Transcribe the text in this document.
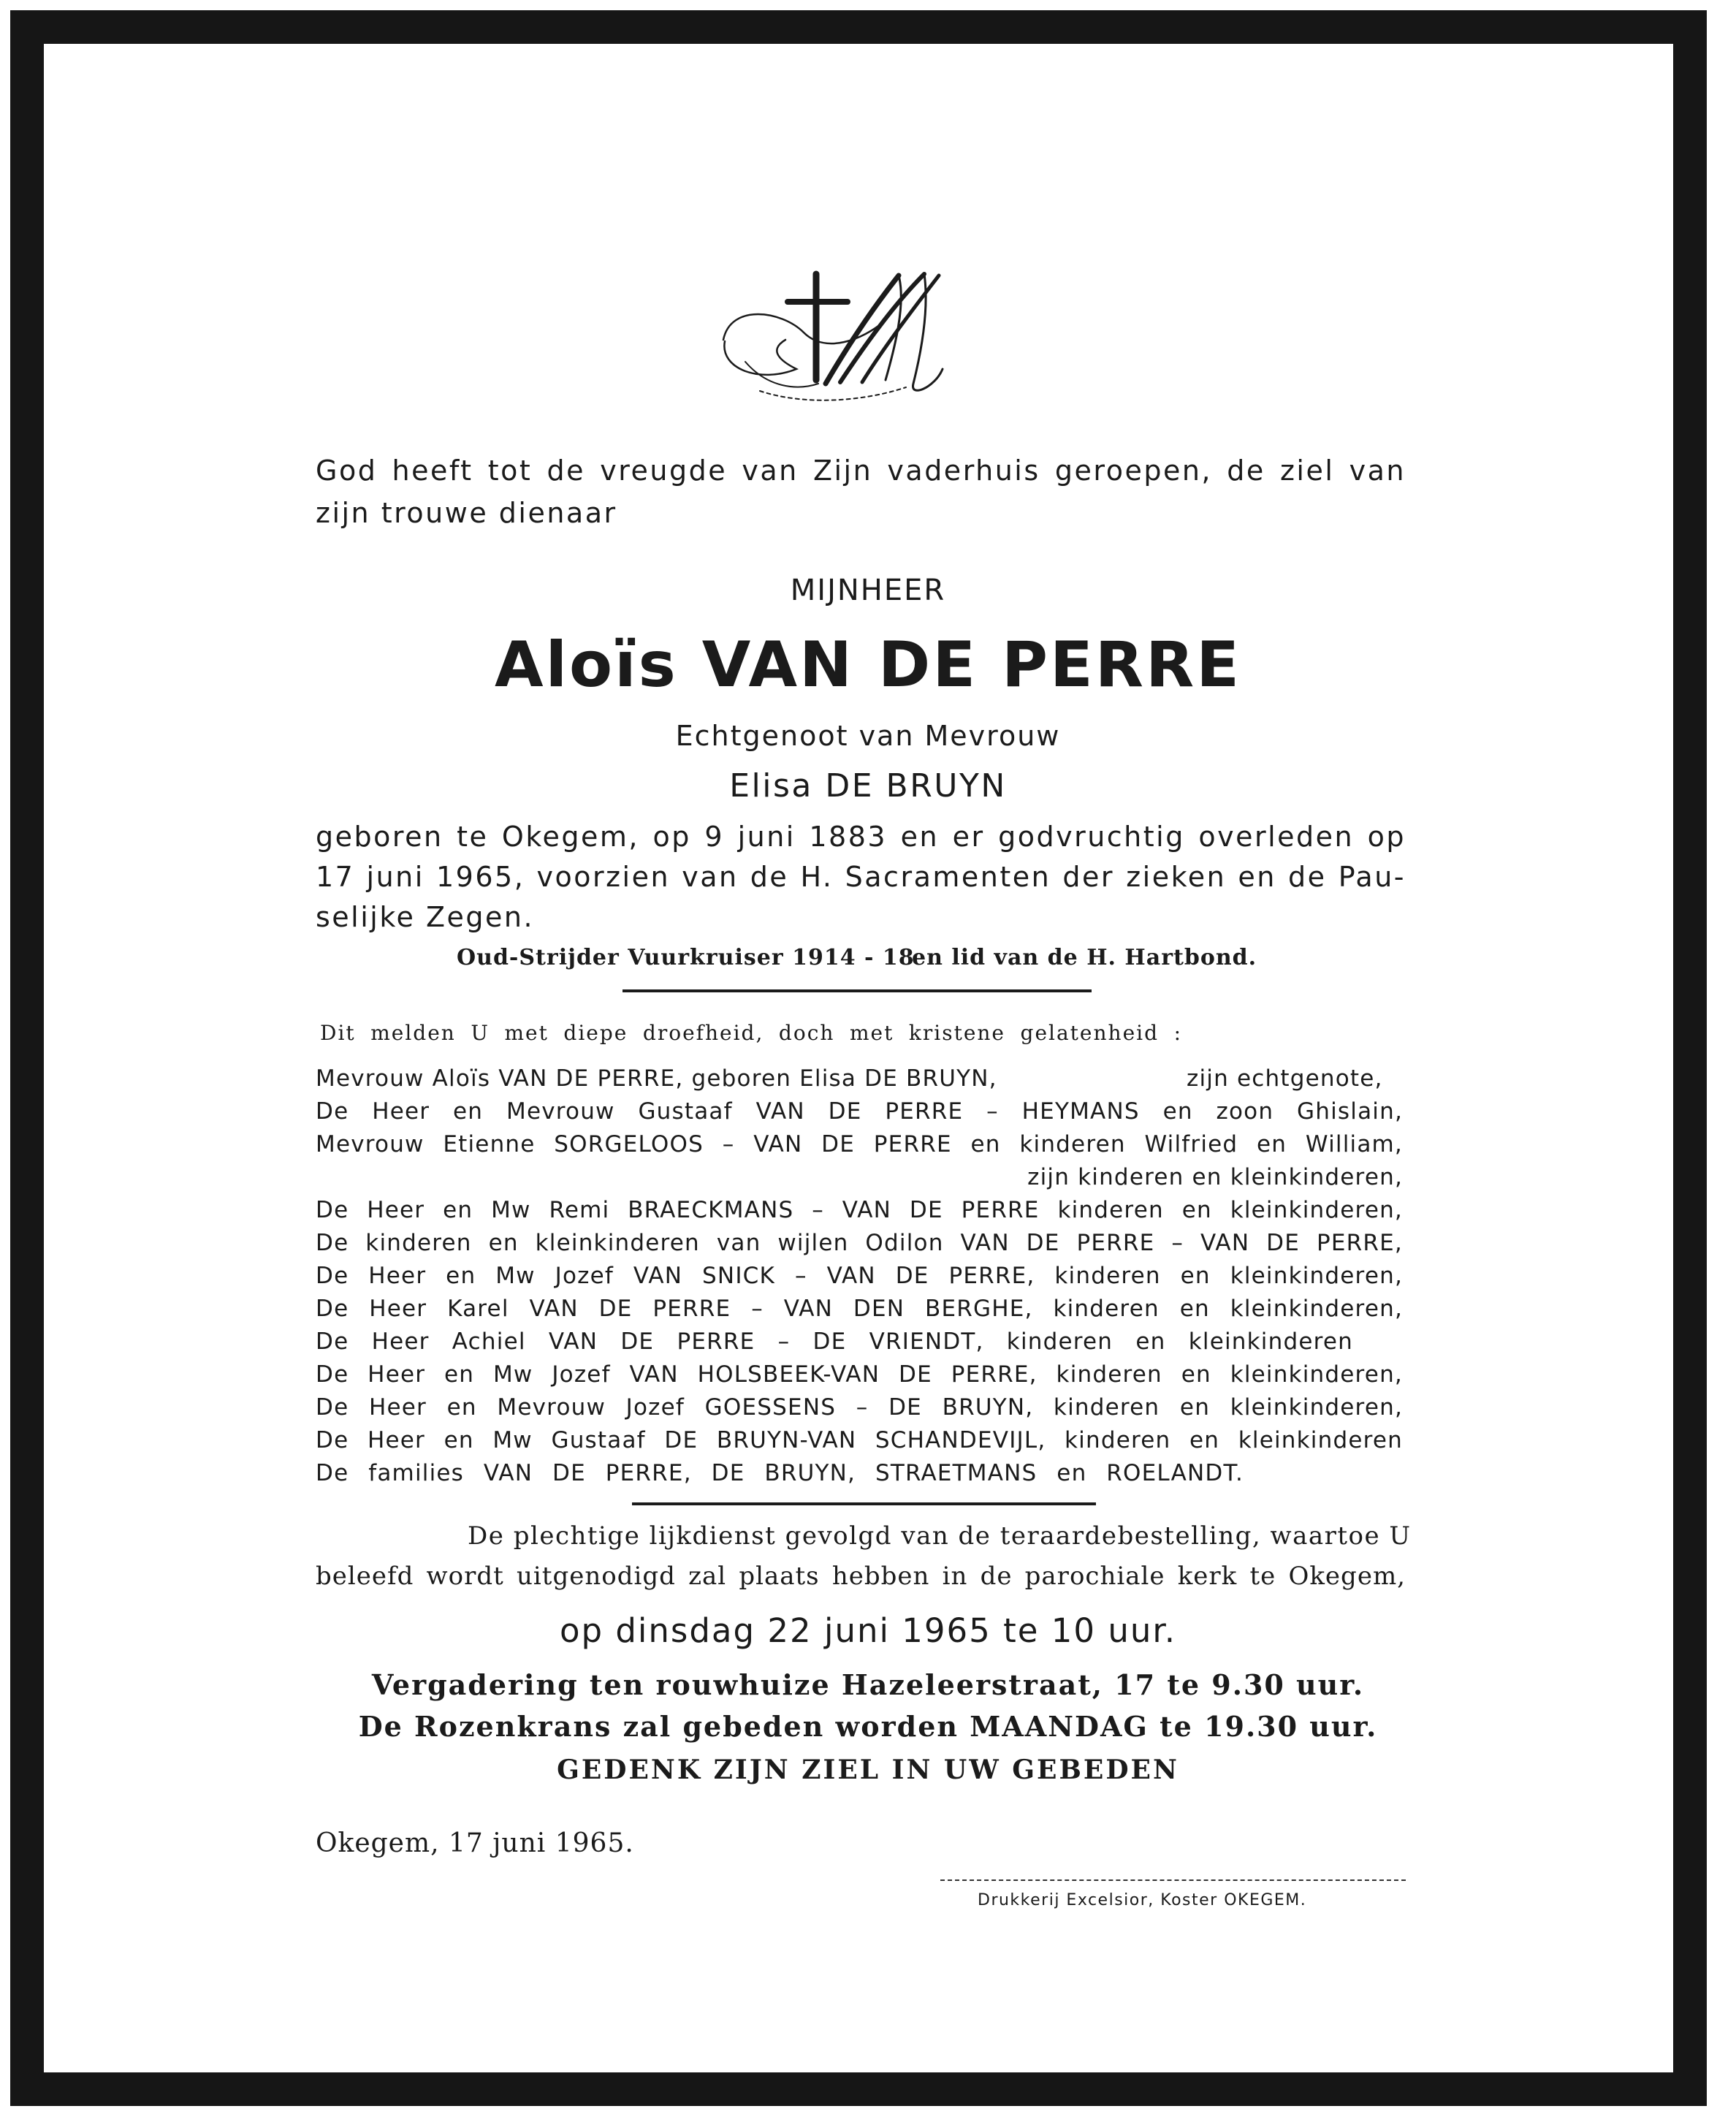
God heeft tot de vreugde van Zijn vaderhuis geroepen, de ziel van
zijn trouwe dienaar
MIJNHEER
Aloïs VAN DE PERRE
Echtgenoot van Mevrouw
Elisa DE BRUYN
geboren te Okegem, op 9 juni 1883 en er godvruchtig overleden op
17 juni 1965, voorzien van de H. Sacramenten der zieken en de Pau-
selijke Zegen.
Oud-Strijder Vuurkruiser 1914 - 18
en lid van de H. Hartbond.
Dit melden U met diepe droefheid, doch met kristene gelatenheid :
Mevrouw Aloïs VAN DE PERRE, geboren Elisa DE BRUYN,	zijn echtgenote,
De Heer en Mevrouw Gustaaf VAN DE PERRE – HEYMANS en zoon Ghislain,
Mevrouw Etienne SORGELOOS – VAN DE PERRE en kinderen Wilfried en William,
zijn kinderen en kleinkinderen,
De Heer en Mw Remi BRAECKMANS – VAN DE PERRE kinderen en kleinkinderen,
De kinderen en kleinkinderen van wijlen Odilon VAN DE PERRE – VAN DE PERRE,
De Heer en Mw Jozef VAN SNICK – VAN DE PERRE, kinderen en kleinkinderen,
De Heer Karel VAN DE PERRE – VAN DEN BERGHE, kinderen en kleinkinderen,
De Heer Achiel VAN DE PERRE – DE VRIENDT, kinderen en kleinkinderen
De Heer en Mw Jozef VAN HOLSBEEK-VAN DE PERRE, kinderen en kleinkinderen,
De Heer en Mevrouw Jozef GOESSENS – DE BRUYN, kinderen en kleinkinderen,
De Heer en Mw Gustaaf DE BRUYN-VAN SCHANDEVIJL, kinderen en kleinkinderen
De families VAN DE PERRE, DE BRUYN, STRAETMANS en ROELANDT.
De plechtige lijkdienst gevolgd van de teraardebestelling, waartoe U
beleefd wordt uitgenodigd zal plaats hebben in de parochiale kerk te Okegem,
op dinsdag 22 juni 1965 te 10 uur.
Vergadering ten rouwhuize Hazeleerstraat, 17 te 9.30 uur.
De Rozenkrans zal gebeden worden MAANDAG te 19.30 uur.
GEDENK ZIJN ZIEL IN UW GEBEDEN
Okegem, 17 juni 1965.
Drukkerij Excelsior, Koster OKEGEM.
